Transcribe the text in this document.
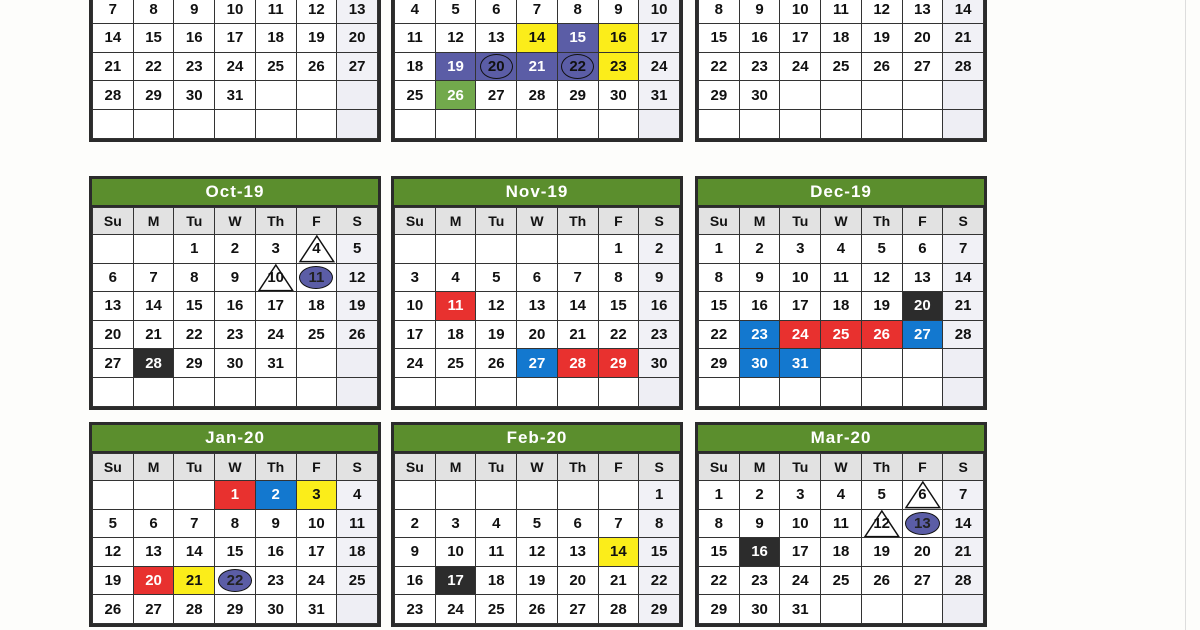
7	8	9	10	11	12	13
14	15	16	17	18	19	20
21	22	23	24	25	26	27
28	29	30	31			

4	5	6	7	8	9	10
11	12	13	14	15	16	17
18	19	20	21	22	23	24
25	26	27	28	29	30	31

8	9	10	11	12	13	14
15	16	17	18	19	20	21
22	23	24	25	26	27	28
29	30					

Oct-19
Su	M	Tu	W	Th	F	S
		1	2	3	4	5
6	7	8	9	10	11	12
13	14	15	16	17	18	19
20	21	22	23	24	25	26
27	28	29	30	31		

Nov-19
Su	M	Tu	W	Th	F	S
					1	2
3	4	5	6	7	8	9
10	11	12	13	14	15	16
17	18	19	20	21	22	23
24	25	26	27	28	29	30

Dec-19
Su	M	Tu	W	Th	F	S
1	2	3	4	5	6	7
8	9	10	11	12	13	14
15	16	17	18	19	20	21
22	23	24	25	26	27	28
29	30	31				

Jan-20
Su	M	Tu	W	Th	F	S
			1	2	3	4
5	6	7	8	9	10	11
12	13	14	15	16	17	18
19	20	21	22	23	24	25
26	27	28	29	30	31	
Feb-20
Su	M	Tu	W	Th	F	S
						1
2	3	4	5	6	7	8
9	10	11	12	13	14	15
16	17	18	19	20	21	22
23	24	25	26	27	28	29
Mar-20
Su	M	Tu	W	Th	F	S
1	2	3	4	5	6	7
8	9	10	11	12	13	14
15	16	17	18	19	20	21
22	23	24	25	26	27	28
29	30	31				
